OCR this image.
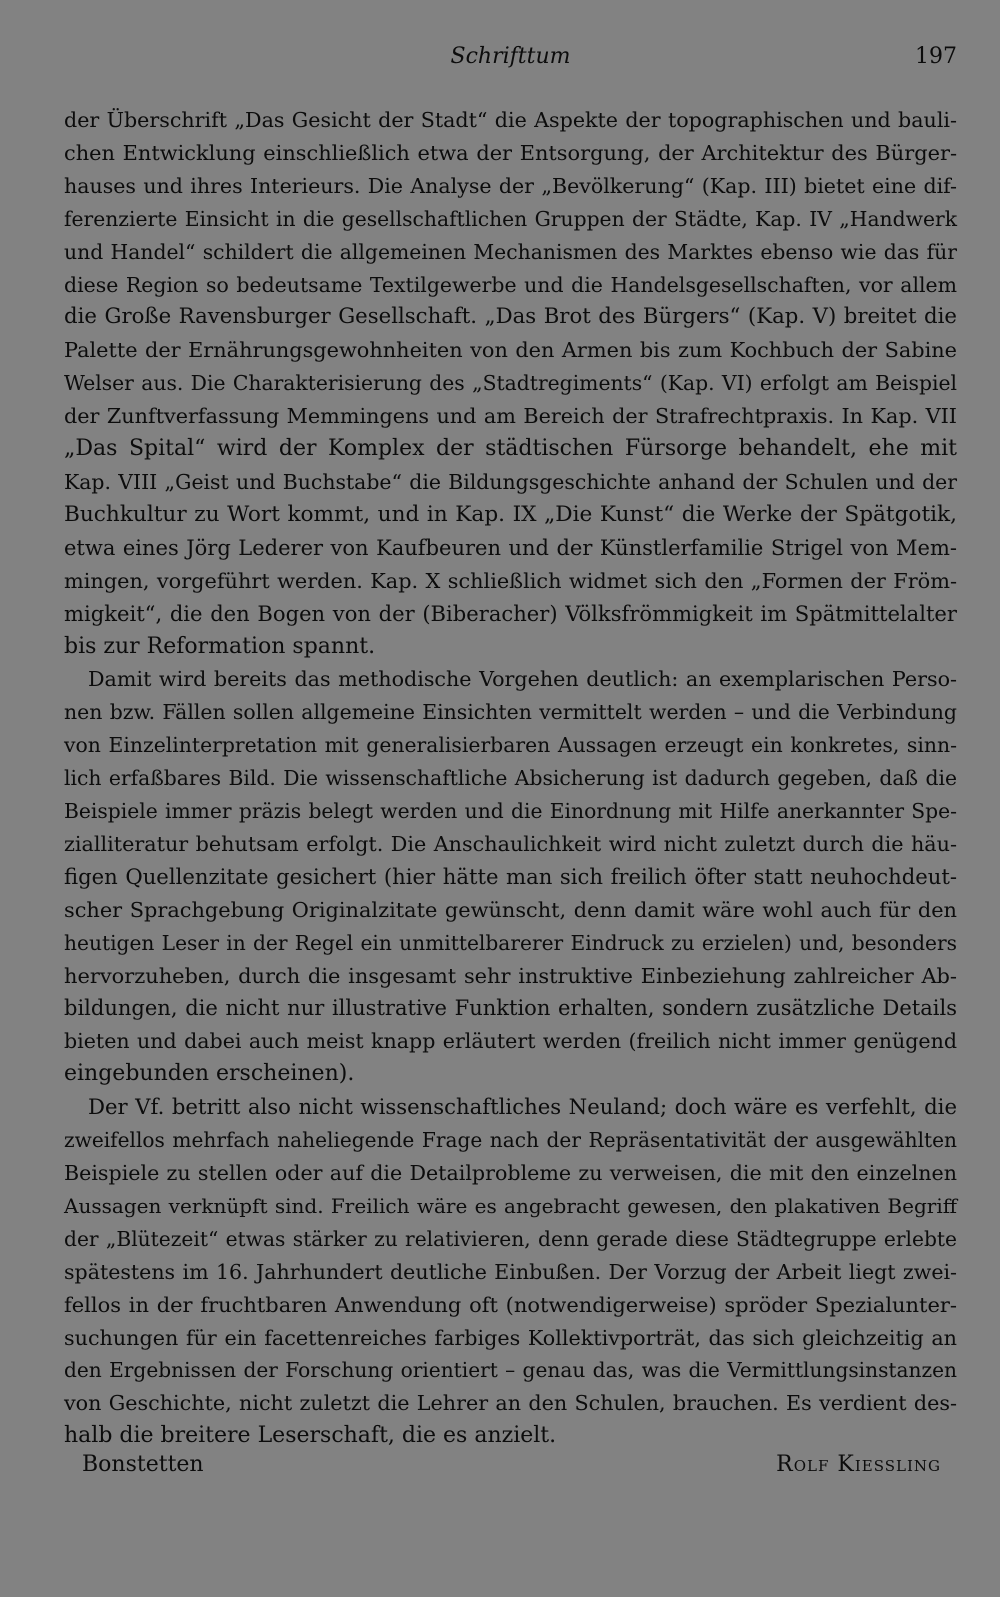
Schrifttum	197

der Überschrift „Das Gesicht der Stadt“ die Aspekte der topographischen und bauli-
chen Entwicklung einschließlich etwa der Entsorgung, der Architektur des Bürger-
hauses und ihres Interieurs. Die Analyse der „Bevölkerung“ (Kap. III) bietet eine dif-
ferenzierte Einsicht in die gesellschaftlichen Gruppen der Städte, Kap. IV „Handwerk
und Handel“ schildert die allgemeinen Mechanismen des Marktes ebenso wie das für
diese Region so bedeutsame Textilgewerbe und die Handelsgesellschaften, vor allem
die Große Ravensburger Gesellschaft. „Das Brot des Bürgers“ (Kap. V) breitet die
Palette der Ernährungsgewohnheiten von den Armen bis zum Kochbuch der Sabine
Welser aus. Die Charakterisierung des „Stadtregiments“ (Kap. VI) erfolgt am Beispiel
der Zunftverfassung Memmingens und am Bereich der Strafrechtpraxis. In Kap. VII
„Das Spital“ wird der Komplex der städtischen Fürsorge behandelt, ehe mit
Kap. VIII „Geist und Buchstabe“ die Bildungsgeschichte anhand der Schulen und der
Buchkultur zu Wort kommt, und in Kap. IX „Die Kunst“ die Werke der Spätgotik,
etwa eines Jörg Lederer von Kaufbeuren und der Künstlerfamilie Strigel von Mem-
mingen, vorgeführt werden. Kap. X schließlich widmet sich den „Formen der Fröm-
migkeit“, die den Bogen von der (Biberacher) Völksfrömmigkeit im Spätmittelalter
bis zur Reformation spannt.

Damit wird bereits das methodische Vorgehen deutlich: an exemplarischen Perso-
nen bzw. Fällen sollen allgemeine Einsichten vermittelt werden – und die Verbindung
von Einzelinterpretation mit generalisierbaren Aussagen erzeugt ein konkretes, sinn-
lich erfaßbares Bild. Die wissenschaftliche Absicherung ist dadurch gegeben, daß die
Beispiele immer präzis belegt werden und die Einordnung mit Hilfe anerkannter Spe-
zialliteratur behutsam erfolgt. Die Anschaulichkeit wird nicht zuletzt durch die häu-
figen Quellenzitate gesichert (hier hätte man sich freilich öfter statt neuhochdeut-
scher Sprachgebung Originalzitate gewünscht, denn damit wäre wohl auch für den
heutigen Leser in der Regel ein unmittelbarerer Eindruck zu erzielen) und, besonders
hervorzuheben, durch die insgesamt sehr instruktive Einbeziehung zahlreicher Ab-
bildungen, die nicht nur illustrative Funktion erhalten, sondern zusätzliche Details
bieten und dabei auch meist knapp erläutert werden (freilich nicht immer genügend
eingebunden erscheinen).

Der Vf. betritt also nicht wissenschaftliches Neuland; doch wäre es verfehlt, die
zweifellos mehrfach naheliegende Frage nach der Repräsentativität der ausgewählten
Beispiele zu stellen oder auf die Detailprobleme zu verweisen, die mit den einzelnen
Aussagen verknüpft sind. Freilich wäre es angebracht gewesen, den plakativen Begriff
der „Blütezeit“ etwas stärker zu relativieren, denn gerade diese Städtegruppe erlebte
spätestens im 16. Jahrhundert deutliche Einbußen. Der Vorzug der Arbeit liegt zwei-
fellos in der fruchtbaren Anwendung oft (notwendigerweise) spröder Spezialunter-
suchungen für ein facettenreiches farbiges Kollektivporträt, das sich gleichzeitig an
den Ergebnissen der Forschung orientiert – genau das, was die Vermittlungsinstanzen
von Geschichte, nicht zuletzt die Lehrer an den Schulen, brauchen. Es verdient des-
halb die breitere Leserschaft, die es anzielt.

Bonstetten	Rolf Kiessling
